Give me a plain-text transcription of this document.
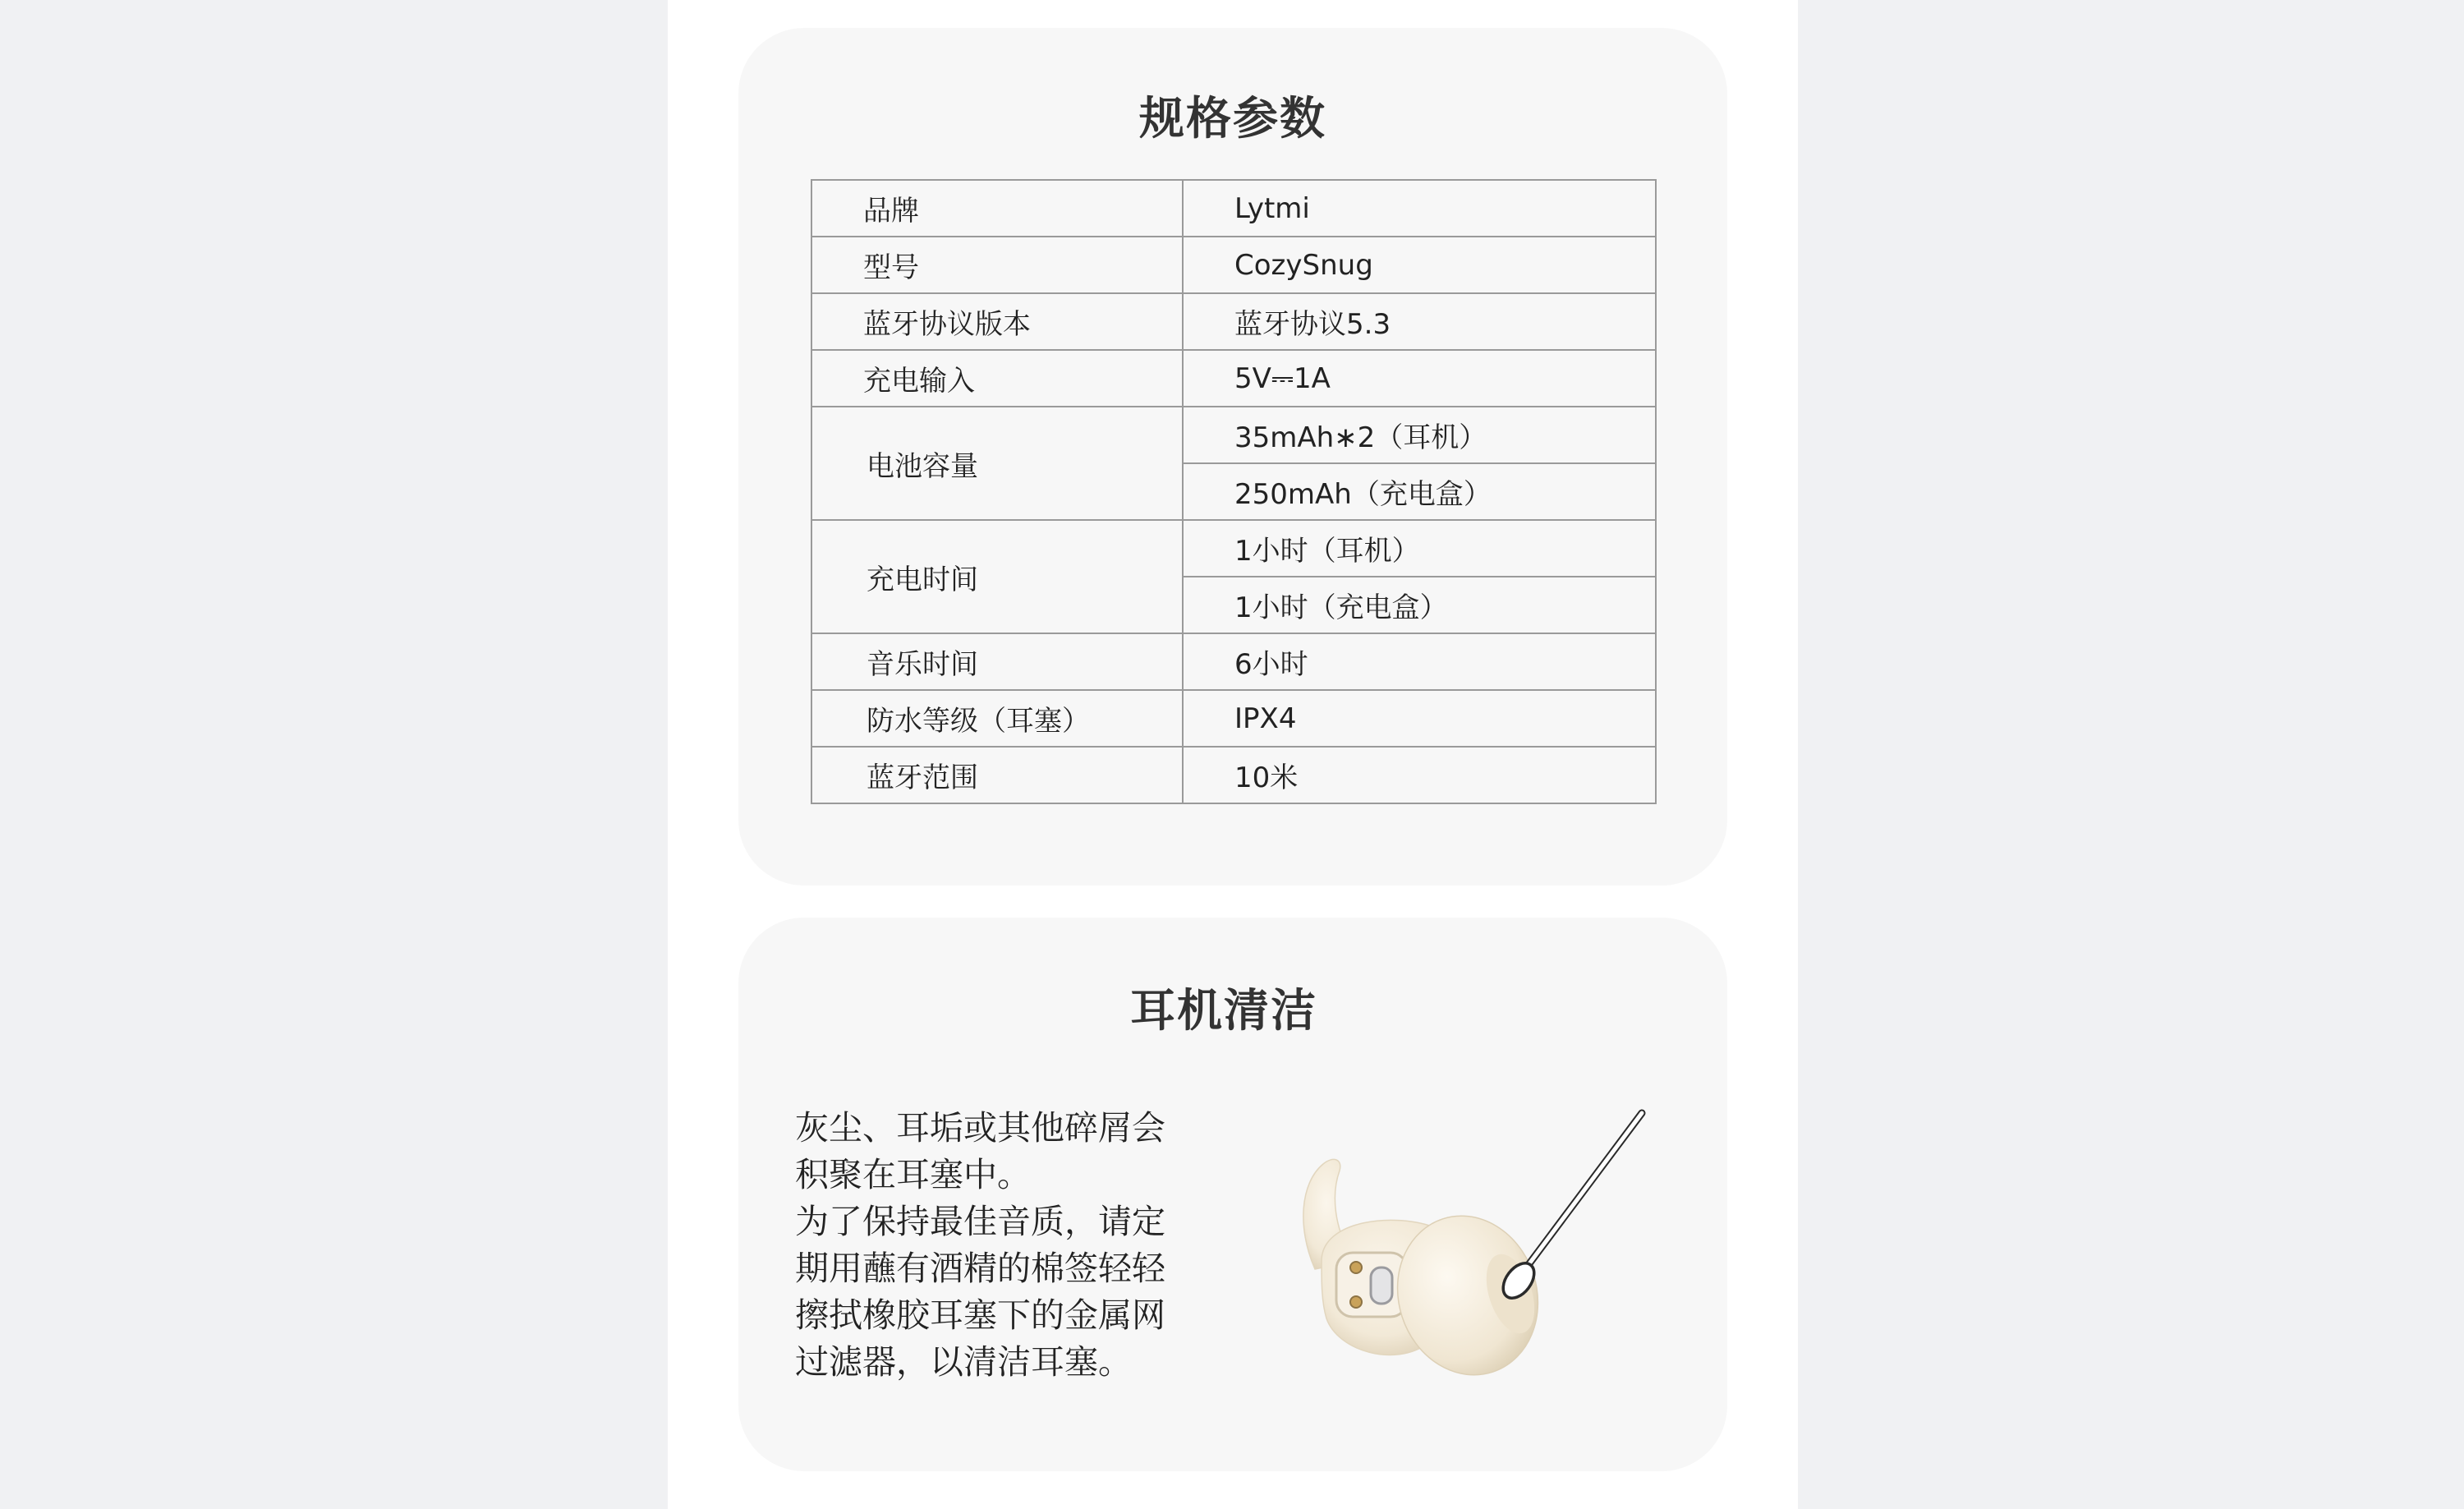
规格参数
品牌	Lytmi
型号	CozySnug
蓝牙协议版本	蓝牙协议5.3
充电输入	5V⎓1A
电池容量	35mAh∗2（耳机）
	250mAh（充电盒）
充电时间	1小时（耳机）
	1小时（充电盒）
音乐时间	6小时
防水等级（耳塞）	IPX4
蓝牙范围	10米
耳机清洁

灰尘、耳垢或其他碎屑会

积聚在耳塞中。

为了保持最佳音质，请定

期用蘸有酒精的棉签轻轻

擦拭橡胶耳塞下的金属网

过滤器，以清洁耳塞。
